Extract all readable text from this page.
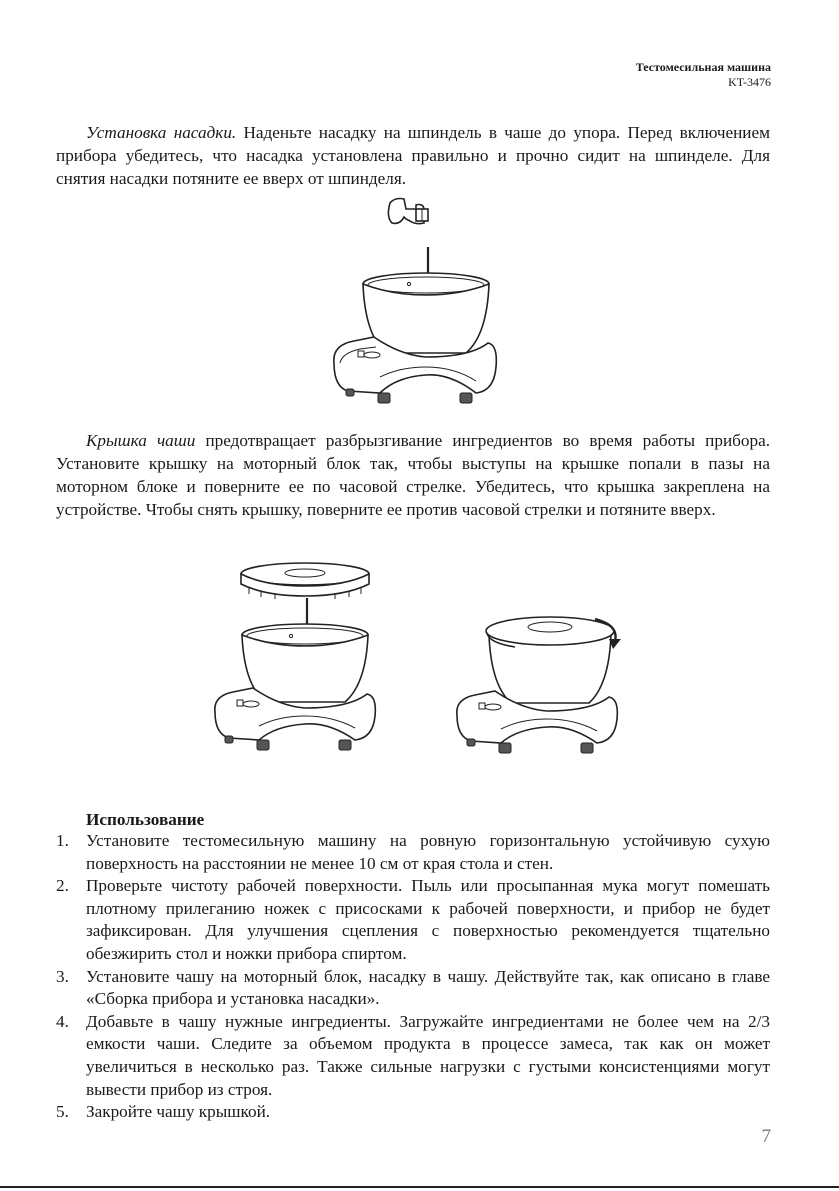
Тестомесильная машина
KT-3476

Установка насадки. Наденьте насадку на шпиндель в чаше до упора. Перед включением прибора убедитесь, что насадка установлена правильно и прочно сидит на шпинделе. Для снятия насадки потяните ее вверх от шпинделя.

Крышка чаши предотвращает разбрызгивание ингредиентов во время работы прибора. Установите крышку на моторный блок так, чтобы выступы на крышке попали в пазы на моторном блоке и поверните ее по часовой стрелке. Убедитесь, что крышка закреплена на устройстве. Чтобы снять крышку, поверните ее против часовой стрелки и потяните вверх.

Использование
1. Установите тестомесильную машину на ровную горизонтальную устойчивую сухую поверхность на расстоянии не менее 10 см от края стола и стен.
2. Проверьте чистоту рабочей поверхности. Пыль или просыпанная мука могут помешать плотному прилеганию ножек с присосками к рабочей поверхности, и прибор не будет зафиксирован. Для улучшения сцепления с поверхностью рекомендуется тщательно обезжирить стол и ножки прибора спиртом.
3. Установите чашу на моторный блок, насадку в чашу. Действуйте так, как описано в главе «Сборка прибора и установка насадки».
4. Добавьте в чашу нужные ингредиенты. Загружайте ингредиентами не более чем на 2/3 емкости чаши. Следите за объемом продукта в процессе замеса, так как он может увеличиться в несколько раз. Также сильные нагрузки с густыми консистенциями могут вывести прибор из строя.
5. Закройте чашу крышкой.
7
